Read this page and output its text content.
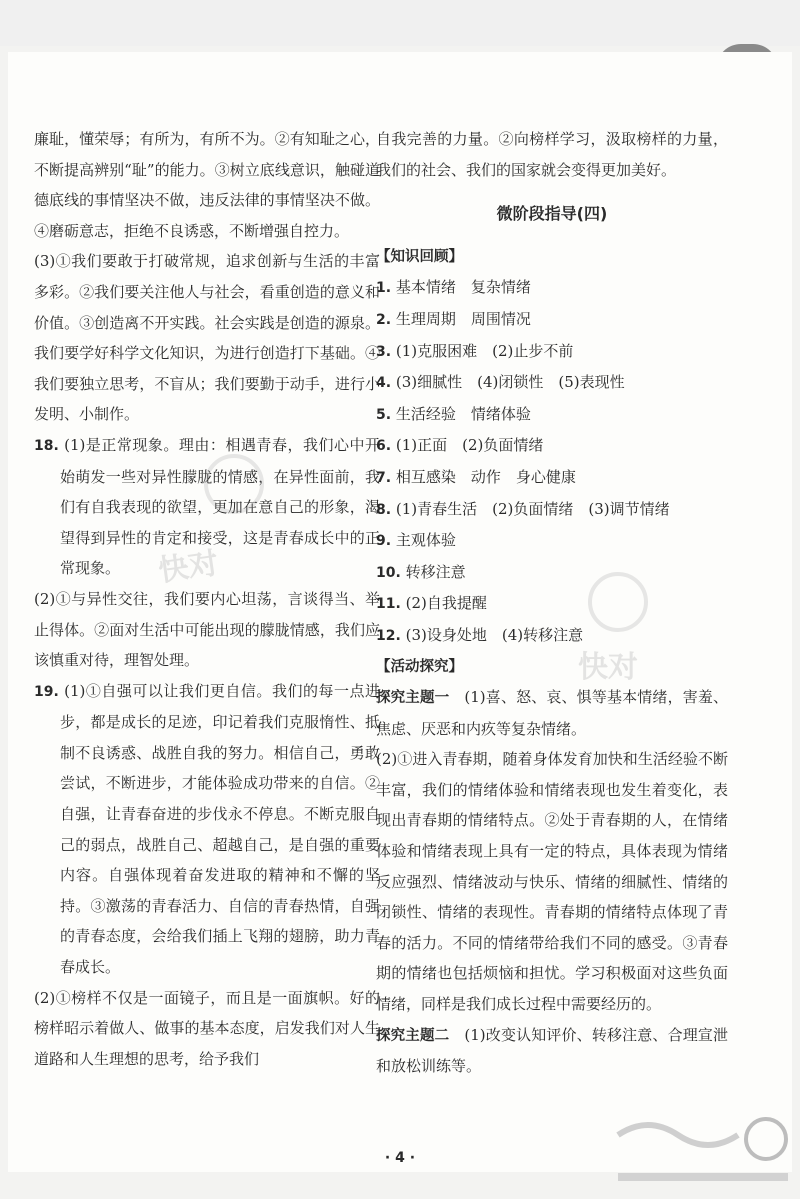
廉耻，懂荣辱；有所为，有所不为。②有知耻之心，不断提高辨别“耻”的能力。③树立底线意识，触碰道德底线的事情坚决不做，违反法律的事情坚决不做。④磨砺意志，拒绝不良诱惑，不断增强自控力。
(3)①我们要敢于打破常规，追求创新与生活的丰富多彩。②我们要关注他人与社会，看重创造的意义和价值。③创造离不开实践。社会实践是创造的源泉。我们要学好科学文化知识，为进行创造打下基础。④我们要独立思考，不盲从；我们要勤于动手，进行小发明、小制作。
18. (1)是正常现象。理由：相遇青春，我们心中开始萌发一些对异性朦胧的情感，在异性面前，我们有自我表现的欲望，更加在意自己的形象，渴望得到异性的肯定和接受，这是青春成长中的正常现象。
(2)①与异性交往，我们要内心坦荡，言谈得当、举止得体。②面对生活中可能出现的朦胧情感，我们应该慎重对待，理智处理。
19. (1)①自强可以让我们更自信。我们的每一点进步，都是成长的足迹，印记着我们克服惰性、抵制不良诱惑、战胜自我的努力。相信自己，勇敢尝试，不断进步，才能体验成功带来的自信。②自强，让青春奋进的步伐永不停息。不断克服自己的弱点，战胜自己、超越自己，是自强的重要内容。自强体现着奋发进取的精神和不懈的坚持。③激荡的青春活力、自信的青春热情，自强的青春态度，会给我们插上飞翔的翅膀，助力青春成长。
(2)①榜样不仅是一面镜子，而且是一面旗帜。好的榜样昭示着做人、做事的基本态度，启发我们对人生道路和人生理想的思考，给予我们
自我完善的力量。②向榜样学习，汲取榜样的力量，我们的社会、我们的国家就会变得更加美好。
微阶段指导(四)
【知识回顾】
1. 基本情绪　复杂情绪
2. 生理周期　周围情况
3. (1)克服困难　(2)止步不前
4. (3)细腻性　(4)闭锁性　(5)表现性
5. 生活经验　情绪体验
6. (1)正面　(2)负面情绪
7. 相互感染　动作　身心健康
8. (1)青春生活　(2)负面情绪　(3)调节情绪
9. 主观体验
10. 转移注意
11. (2)自我提醒
12. (3)设身处地　(4)转移注意
【活动探究】
探究主题一　 (1)喜、怒、哀、惧等基本情绪，害羞、焦虑、厌恶和内疚等复杂情绪。
(2)①进入青春期，随着身体发育加快和生活经验不断丰富，我们的情绪体验和情绪表现也发生着变化，表现出青春期的情绪特点。②处于青春期的人，在情绪体验和情绪表现上具有一定的特点，具体表现为情绪反应强烈、情绪波动与快乐、情绪的细腻性、情绪的闭锁性、情绪的表现性。青春期的情绪特点体现了青春的活力。不同的情绪带给我们不同的感受。③青春期的情绪也包括烦恼和担忧。学习积极面对这些负面情绪，同样是我们成长过程中需要经历的。
探究主题二　 (1)改变认知评价、转移注意、合理宣泄和放松训练等。
快对
快对
· 4 ·
